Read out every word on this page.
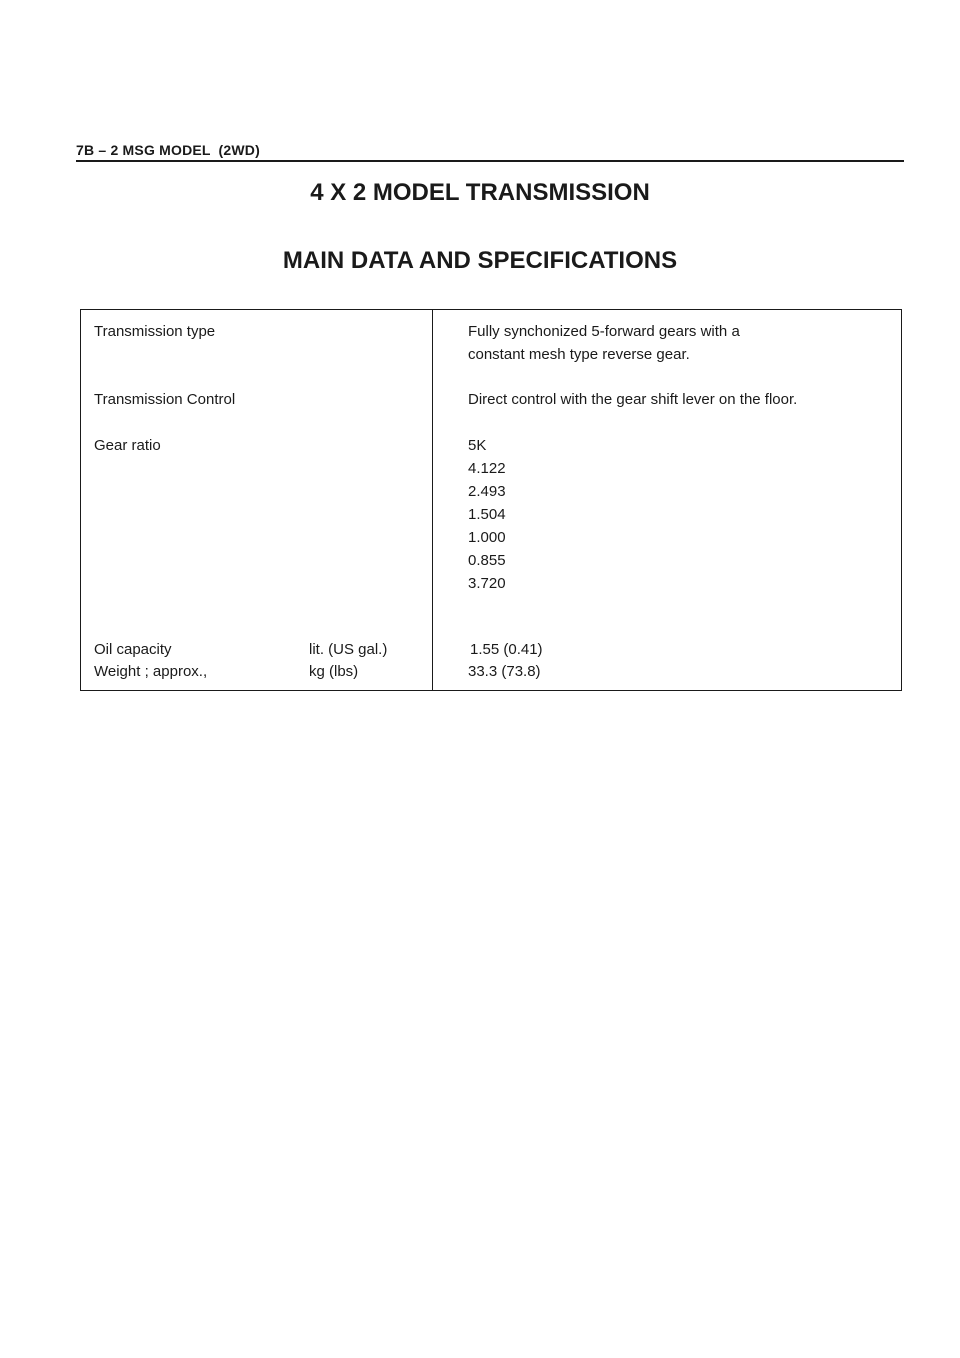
7B – 2 MSG MODEL (2WD)
4 X 2 MODEL TRANSMISSION
MAIN DATA AND SPECIFICATIONS
Transmission type	Fully synchonized 5-forward gears with a
constant mesh type reverse gear.
Transmission Control	Direct control with the gear shift lever on the floor.
Gear ratio	5K
4.122
2.493
1.504
1.000
0.855
3.720
Oil capacity	lit. (US gal.)	1.55 (0.41)
Weight ; approx.,	kg (lbs)	33.3 (73.8)
